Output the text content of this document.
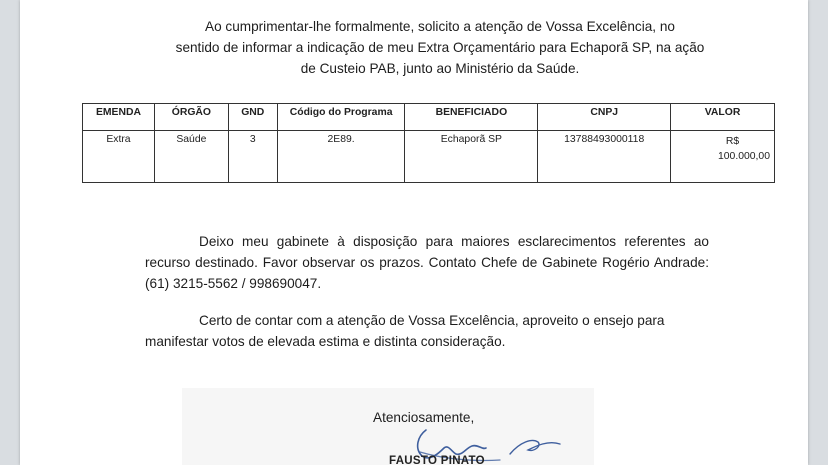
Ao cumprimentar-lhe formalmente, solicito a atenção de Vossa Excelência, no
sentido de informar a indicação de meu Extra Orçamentário para Echaporã SP, na ação
de Custeio PAB, junto ao Ministério da Saúde.

EMENDA	ÓRGÃO	GND	Código do Programa	BENEFICIADO	CNPJ	VALOR
Extra	Saúde	3	2E89.	Echaporã SP	13788493000118	R$
100.000,00

Deixo meu gabinete à disposição para maiores esclarecimentos referentes ao recurso destinado. Favor observar os prazos. Contato Chefe de Gabinete Rogério Andrade: (61) 3215-5562 / 998690047.

Certo de contar com a atenção de Vossa Excelência, aproveito o ensejo para manifestar votos de elevada estima e distinta consideração.

Atenciosamente,
FAUSTO PINATO
